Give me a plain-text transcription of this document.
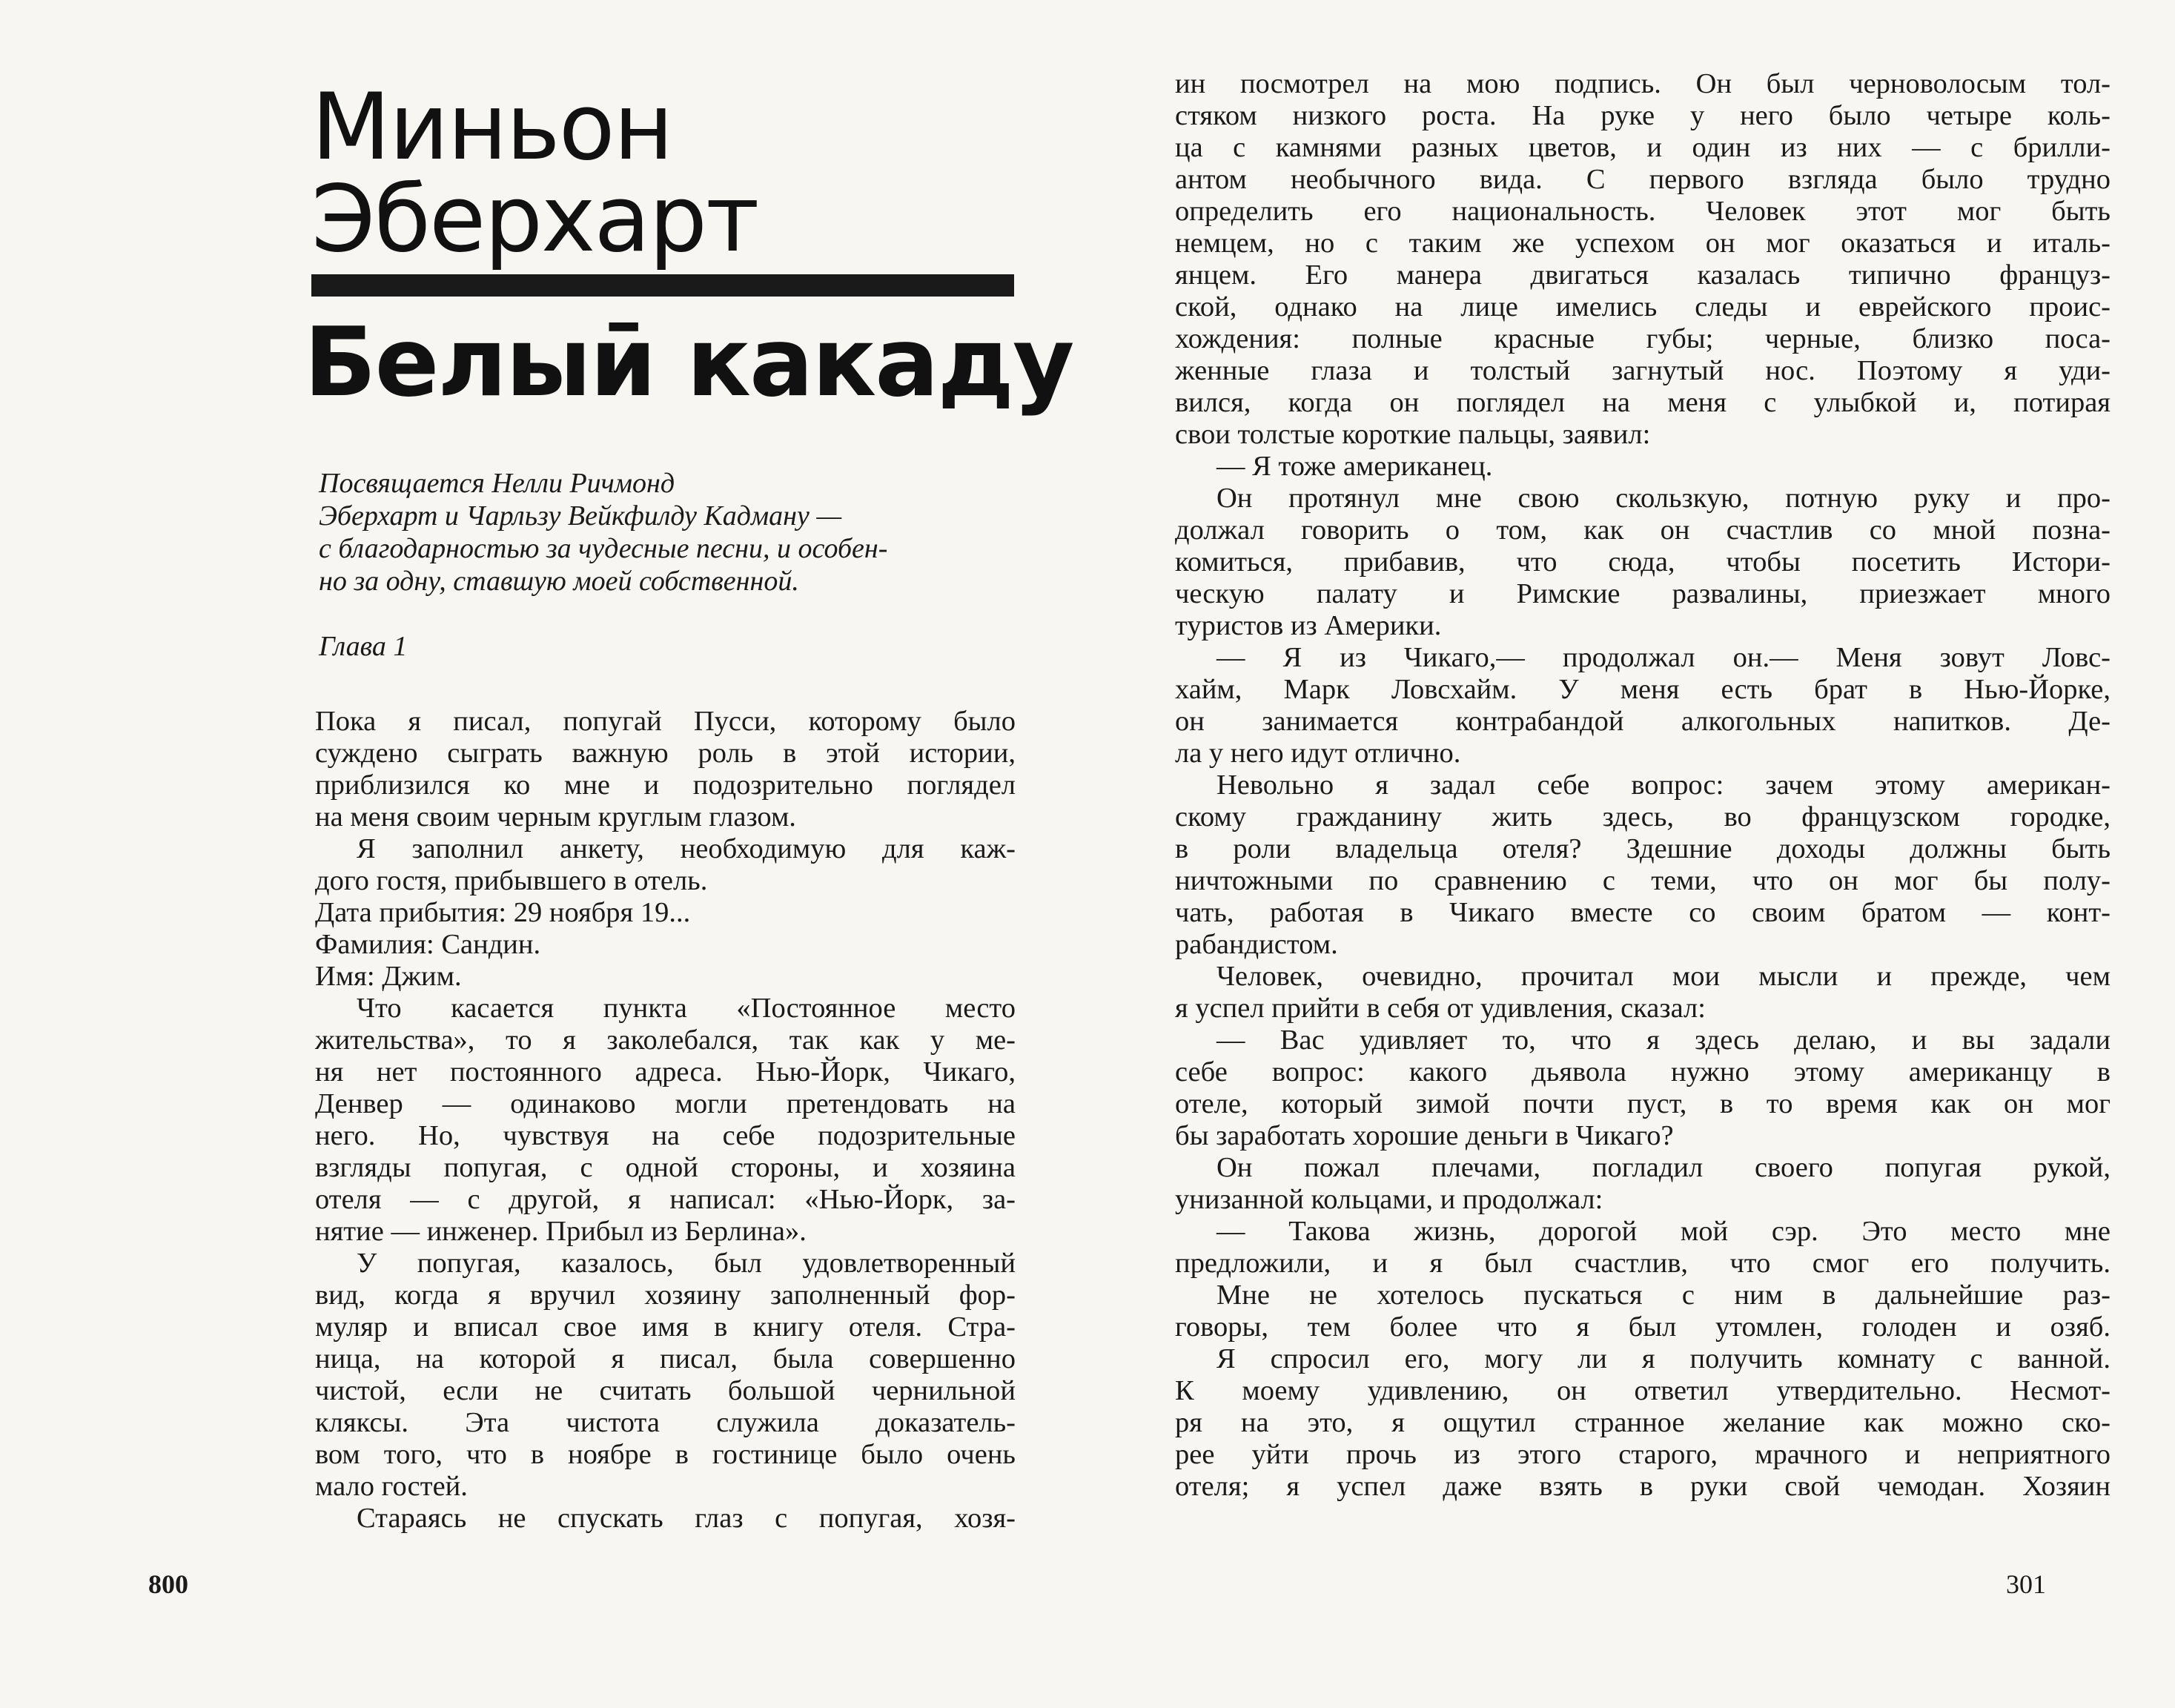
Миньон
Эберхарт
Белыӣ какаду
Посвящается Нелли Ричмонд
Эберхарт и Чарльзу Вейкфилду Кадману —
с благодарностью за чудесные песни, и особен-
но за одну, ставшую моей собственной.
Глава 1
Пока я писал, попугай Пусси, которому было
суждено сыграть важную роль в этой истории,
приблизился ко мне и подозрительно поглядел
на меня своим черным круглым глазом.
Я заполнил анкету, необходимую для каж-
дого гостя, прибывшего в отель.
Дата прибытия: 29 ноября 19...
Фамилия: Сандин.
Имя: Джим.
Что касается пункта «Постоянное место
жительства», то я заколебался, так как у ме-
ня нет постоянного адреса. Нью-Йорк, Чикаго,
Денвер — одинаково могли претендовать на
него. Но, чувствуя на себе подозрительные
взгляды попугая, с одной стороны, и хозяина
отеля — с другой, я написал: «Нью-Йорк, за-
нятие — инженер. Прибыл из Берлина».
У попугая, казалось, был удовлетворенный
вид, когда я вручил хозяину заполненный фор-
муляр и вписал свое имя в книгу отеля. Стра-
ница, на которой я писал, была совершенно
чистой, если не считать большой чернильной
кляксы. Эта чистота служила доказатель-
вом того, что в ноябре в гостинице было очень
мало гостей.
Стараясь не спускать глаз с попугая, хозя-
800
ин посмотрел на мою подпись. Он был черноволосым тол-
стяком низкого роста. На руке у него было четыре коль-
ца с камнями разных цветов, и один из них — с брилли-
антом необычного вида. С первого взгляда было трудно
определить его национальность. Человек этот мог быть
немцем, но с таким же успехом он мог оказаться и италь-
янцем. Его манера двигаться казалась типично француз-
ской, однако на лице имелись следы и еврейского проис-
хождения: полные красные губы; черные, близко поса-
женные глаза и толстый загнутый нос. Поэтому я уди-
вился, когда он поглядел на меня с улыбкой и, потирая
свои толстые короткие пальцы, заявил:
— Я тоже американец.
Он протянул мне свою скользкую, потную руку и про-
должал говорить о том, как он счастлив со мной позна-
комиться, прибавив, что сюда, чтобы посетить Истори-
ческую палату и Римские развалины, приезжает много
туристов из Америки.
— Я из Чикаго,— продолжал он.— Меня зовут Ловс-
хайм, Марк Ловсхайм. У меня есть брат в Нью-Йорке,
он занимается контрабандой алкогольных напитков. Де-
ла у него идут отлично.
Невольно я задал себе вопрос: зачем этому американ-
скому гражданину жить здесь, во французском городке,
в роли владельца отеля? Здешние доходы должны быть
ничтожными по сравнению с теми, что он мог бы полу-
чать, работая в Чикаго вместе со своим братом — конт-
рабандистом.
Человек, очевидно, прочитал мои мысли и прежде, чем
я успел прийти в себя от удивления, сказал:
— Вас удивляет то, что я здесь делаю, и вы задали
себе вопрос: какого дьявола нужно этому американцу в
отеле, который зимой почти пуст, в то время как он мог
бы заработать хорошие деньги в Чикаго?
Он пожал плечами, погладил своего попугая рукой,
унизанной кольцами, и продолжал:
— Такова жизнь, дорогой мой сэр. Это место мне
предложили, и я был счастлив, что смог его получить.
Мне не хотелось пускаться с ним в дальнейшие раз-
говоры, тем более что я был утомлен, голоден и озяб.
Я спросил его, могу ли я получить комнату с ванной.
К моему удивлению, он ответил утвердительно. Несмот-
ря на это, я ощутил странное желание как можно ско-
рее уйти прочь из этого старого, мрачного и неприятного
отеля; я успел даже взять в руки свой чемодан. Хозяин
301
